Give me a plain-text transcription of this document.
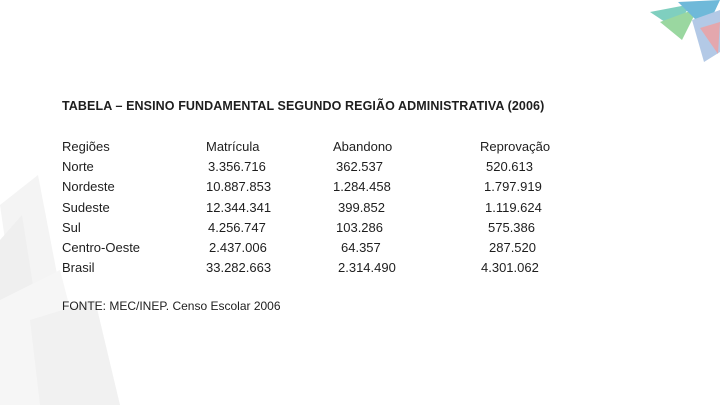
TABELA – ENSINO FUNDAMENTAL SEGUNDO REGIÃO ADMINISTRATIVA (2006)
Regiões	Matrícula	Abandono	Reprovação
Norte	3.356.716	362.537	520.613
Nordeste	10.887.853	1.284.458	1.797.919
Sudeste	12.344.341	399.852	1.119.624
Sul	4.256.747	103.286	575.386
Centro-Oeste	2.437.006	64.357	287.520
Brasil	33.282.663	2.314.490	4.301.062
FONTE: MEC/INEP. Censo Escolar 2006
